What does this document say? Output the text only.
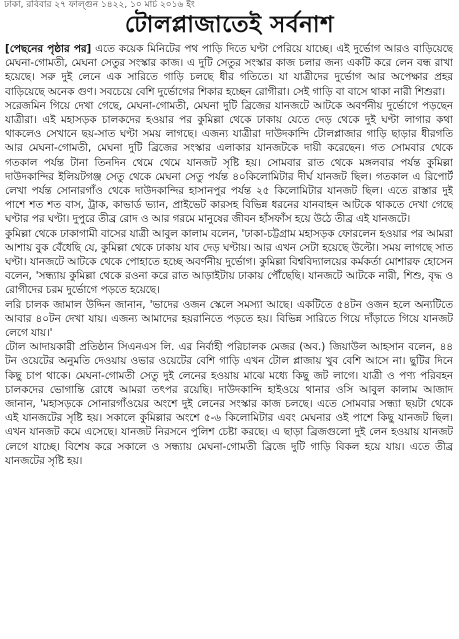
ঢাকা, রবিবার ২৭ ফাল্গুন ১৪২২, ১০ মার্চ ২০১৬ ইং
টোলপ্লাজাতেই সর্বনাশ

[পেছনের পৃষ্ঠার পর] এতে কয়েক মিনিটের পথ পাড়ি দিতে ঘণ্টা পেরিয়ে যাচ্ছে। এই দুর্ভোগ আরও বাড়িয়েছে মেঘনা-গোমতী, মেঘনা সেতুর সংস্কার কাজ। এ দুটি সেতুর সংস্কার কাজ চলার জন্য একটি করে লেন বন্ধ রাখা হয়েছে। সরু দুই লেনে এক সারিতে গাড়ি চলছে ধীর গতিতে। যা যাত্রীদের দুর্ভোগ আর অপেক্ষার প্রহর বাড়িয়েছে অনেক গুণ। সবচেয়ে বেশি দুর্ভোগের শিকার হচ্ছেন রোগীরা। সেই গাড়ি বা বাসে থাকা নারী শিশুরা।

সরেজমিন গিয়ে দেখা গেছে, মেঘনা-গোমতী, মেঘনা দুটি ব্রিজের যানজটে আটকে অবর্ণনীয় দুর্ভোগে পড়ছেন যাত্রীরা। এই মহাসড়ক চালকদের হওয়ার পর কুমিল্লা থেকে ঢাকায় যেতে দেড় থেকে দুই ঘণ্টা লাগার কথা থাকলেও সেখানে ছয়-সাত ঘণ্টা সময় লাগছে। এজন্য যাত্রীরা দাউদকান্দি টোলপ্লাজার গাড়ি ছাড়ার ধীরগতি আর মেঘনা-গোমতী, মেঘনা দুটি ব্রিজের সংস্কার এলাকার যানজটকে দায়ী করেছেন। গত সোমবার থেকে গতকাল পর্যন্ত টানা তিনদিন থেমে থেমে যানজট সৃষ্টি হয়। সোমবার রাত থেকে মঙ্গলবার পর্যন্ত কুমিল্লা দাউদকান্দির ইলিয়টগঞ্জ সেতু থেকে মেঘনা সেতু পর্যন্ত ৪০কিলোমিটার দীর্ঘ যানজট ছিল। গতকাল এ রিপোর্ট লেখা পর্যন্ত সোনারগাঁও থেকে দাউদকান্দির হাসানপুর পর্যন্ত ২৫ কিলোমিটার যানজট ছিল। এতে রাস্তার দুই পাশে শত শত বাস, ট্রাক, কাভার্ড ভ্যান, প্রাইভেট কারসহ বিভিন্ন ধরনের যানবাহন আটকে থাকতে দেখা গেছে ঘণ্টার পর ঘণ্টা। দুপুরে তীব্র রোদ ও আর গরমে মানুষের জীবন হাঁসফাঁস হয়ে উঠে তীব্র এই যানজটে।

কুমিল্লা থেকে ঢাকাগামী বাসের যাত্রী আবুল কালাম বলেন, 'ঢাকা-চট্টগ্রাম মহাসড়ক ফোরলেন হওয়ার পর আমরা আশায় বুক বেঁধেছি যে, কুমিল্লা থেকে ঢাকায় যাব দেড় ঘণ্টায়। আর এখন সেটা হয়েছে উল্টো। সময় লাগছে সাত ঘণ্টা। যানজটে আটকে থেকে পোহাতে হচ্ছে অবর্ণনীয় দুর্ভোগ। কুমিল্লা বিশ্ববিদ্যালয়ের কর্মকর্তা মোশারফ হোসেন বলেন, 'সন্ধ্যায় কুমিল্লা থেকে রওনা করে রাত আড়াইটায় ঢাকায় পৌঁছেছি। যানজটে আটকে নারী, শিশু, বৃদ্ধ ও রোগীদের চরম দুর্ভোগে পড়তে হয়েছে।

লরি চালক জামাল উদ্দিন জানান, 'ভাদের ওজন স্কেলে সমস্যা আছে। একটিতে ৫৪টন ওজন হলে অন্যটিতে আবার ৪০টন দেখা যায়। এজন্য আমাদের হয়রানিতে পড়তে হয়। বিভিন্ন সারিতে গিয়ে দাঁড়াতে গিয়ে যানজট লেগে যায়।'

টোল আদায়কারী প্রতিষ্ঠান সিএনএস লি. এর নির্বাহী পরিচালক মেজর (অব.) জিয়াউল আহসান বলেন, ৪৪ টন ওয়েটের অনুমতি দেওয়ায় ওভার ওয়েটের বেশি গাড়ি এখন টোল প্লাজায় খুব বেশি আসে না। ছুটির দিনে কিছু চাপ থাকে। মেঘনা-গোমতী সেতু দুই লেনের হওয়ায় মাঝে মধ্যে কিছু জট লাগে। যাত্রী ও পণ্য পরিবহন চালকদের ভোগান্তি রোধে আমরা তৎপর রয়েছি। দাউদকান্দি হাইওয়ে থানার ওসি আবুল কালাম আজাদ জানান, 'মহাসড়কে সোনারগাঁওয়ের অংশে দুই লেনের সংস্কার কাজ চলছে। এতে সোমবার সন্ধ্যা ছয়টা থেকে এই যানজটের সৃষ্টি হয়। সকালে কুমিল্লার অংশে ৫-৬ কিলোমিটার এবং মেঘনার ওই পাশে কিছু যানজট ছিল। এখন যানজট কমে এসেছে। যানজট নিরসনে পুলিশ চেষ্টা করছে। এ ছাড়া ব্রিজগুলো দুই লেন হওয়ায় যানজট লেগে যাচ্ছে। বিশেষ করে সকালে ও সন্ধ্যায় মেঘনা-গোমতী ব্রিজে দুটি গাড়ি বিকল হয়ে যায়। এতে তীব্র যানজটের সৃষ্টি হয়।
